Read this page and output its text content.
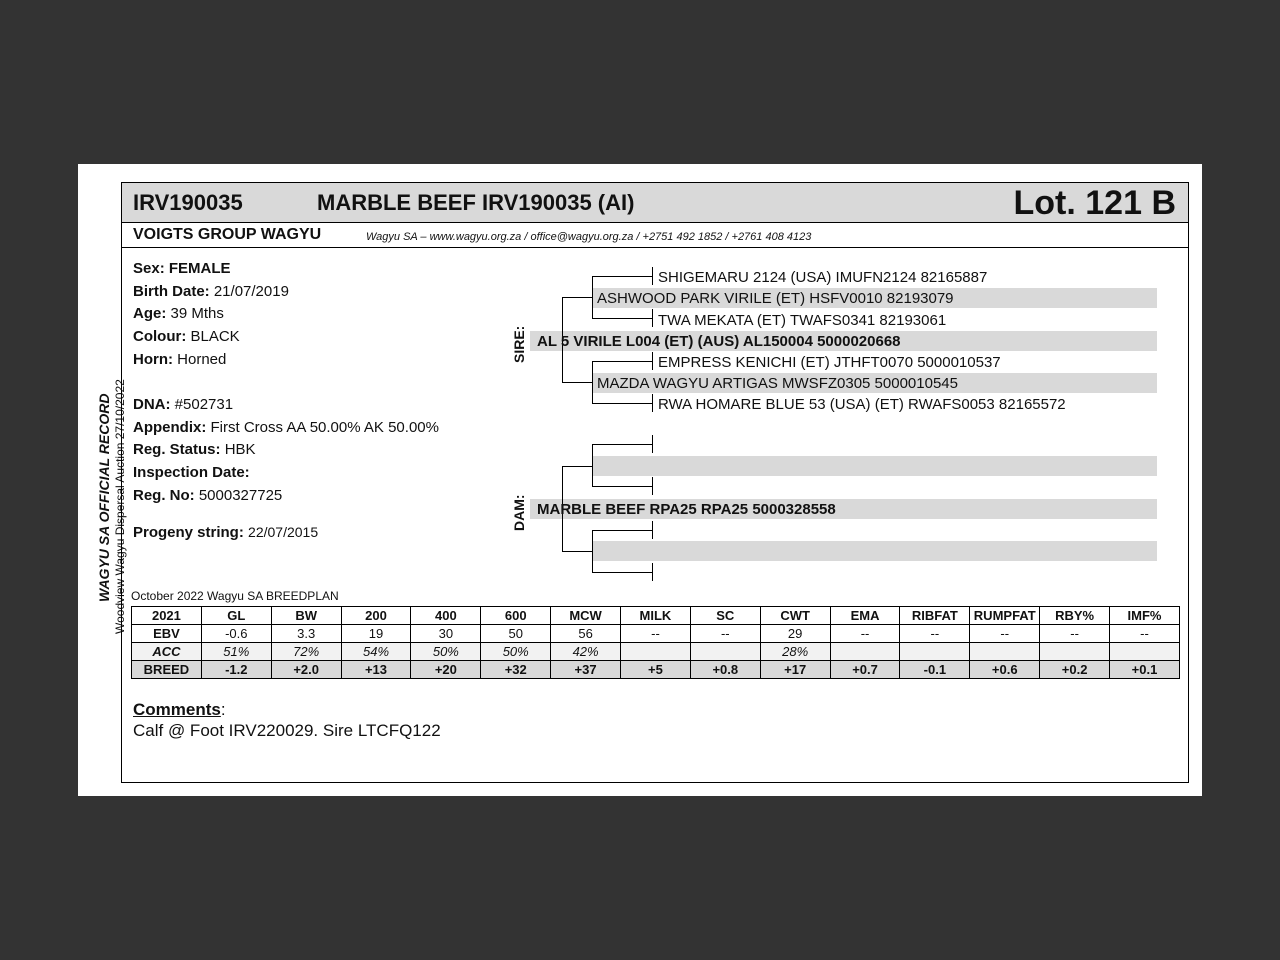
WAGYU SA OFFICIAL RECORD Woodview Wagyu Dispersal Auction 27/10/2022
IRV190035	MARBLE BEEF IRV190035 (AI)	Lot. 121 B
VOIGTS GROUP WAGYU	Wagyu SA – www.wagyu.org.za / office@wagyu.org.za / +2751 492 1852 / +2761 408 4123
Sex: FEMALE
Birth Date: 21/07/2019
Age: 39 Mths
Colour: BLACK
Horn: Horned
DNA: #502731
Appendix: First Cross AA 50.00% AK 50.00%
Reg. Status: HBK
Inspection Date:
Reg. No: 5000327725
Progeny string: 22/07/2015
SIRE:
DAM:
SHIGEMARU 2124 (USA) IMUFN2124 82165887
ASHWOOD PARK VIRILE (ET) HSFV0010 82193079
TWA MEKATA (ET) TWAFS0341 82193061
AL 5 VIRILE L004 (ET) (AUS) AL150004 5000020668
EMPRESS KENICHI (ET) JTHFT0070 5000010537
MAZDA WAGYU ARTIGAS MWSFZ0305 5000010545
RWA HOMARE BLUE 53 (USA) (ET) RWAFS0053 82165572
MARBLE BEEF RPA25 RPA25 5000328558
October 2022 Wagyu SA BREEDPLAN
2021	GL	BW	200	400	600	MCW	MILK	SC	CWT	EMA	RIBFAT	RUMPFAT	RBY%	IMF%
EBV	-0.6	3.3	19	30	50	56	--	--	29	--	--	--	--	--
ACC	51%	72%	54%	50%	50%	42%			28%					
BREED	-1.2	+2.0	+13	+20	+32	+37	+5	+0.8	+17	+0.7	-0.1	+0.6	+0.2	+0.1
Comments:
Calf @ Foot IRV220029. Sire LTCFQ122
